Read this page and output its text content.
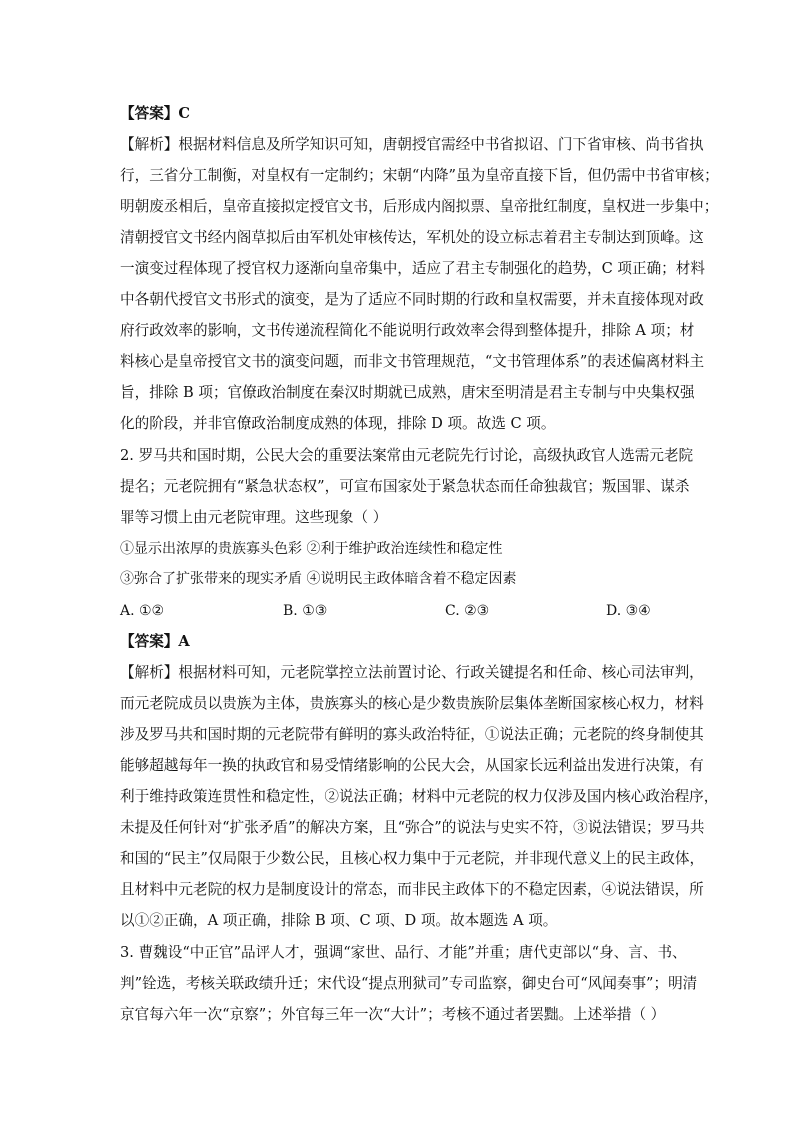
【答案】C
【解析】根据材料信息及所学知识可知，唐朝授官需经中书省拟诏、门下省审核、尚书省执
行，三省分工制衡，对皇权有一定制约；宋朝“内降”虽为皇帝直接下旨，但仍需中书省审核；
明朝废丞相后，皇帝直接拟定授官文书，后形成内阁拟票、皇帝批红制度，皇权进一步集中；
清朝授官文书经内阁草拟后由军机处审核传达，军机处的设立标志着君主专制达到顶峰。这
一演变过程体现了授官权力逐渐向皇帝集中，适应了君主专制强化的趋势，C 项正确；材料
中各朝代授官文书形式的演变，是为了适应不同时期的行政和皇权需要，并未直接体现对政
府行政效率的影响，文书传递流程简化不能说明行政效率会得到整体提升，排除 A 项；材
料核心是皇帝授官文书的演变问题，而非文书管理规范，“文书管理体系”的表述偏离材料主
旨，排除 B 项；官僚政治制度在秦汉时期就已成熟，唐宋至明清是君主专制与中央集权强
化的阶段，并非官僚政治制度成熟的体现，排除 D 项。故选 C 项。
2. 罗马共和国时期，公民大会的重要法案常由元老院先行讨论，高级执政官人选需元老院
提名；元老院拥有“紧急状态权”，可宣布国家处于紧急状态而任命独裁官；叛国罪、谋杀
罪等习惯上由元老院审理。这些现象（ ）
①显示出浓厚的贵族寡头色彩 ②利于维护政治连续性和稳定性
③弥合了扩张带来的现实矛盾 ④说明民主政体暗含着不稳定因素
A. ①②	B. ①③	C. ②③	D. ③④
【答案】A
【解析】根据材料可知，元老院掌控立法前置讨论、行政关键提名和任命、核心司法审判，
而元老院成员以贵族为主体，贵族寡头的核心是少数贵族阶层集体垄断国家核心权力，材料
涉及罗马共和国时期的元老院带有鲜明的寡头政治特征，①说法正确；元老院的终身制使其
能够超越每年一换的执政官和易受情绪影响的公民大会，从国家长远利益出发进行决策，有
利于维持政策连贯性和稳定性，②说法正确；材料中元老院的权力仅涉及国内核心政治程序，
未提及任何针对“扩张矛盾”的解决方案，且“弥合”的说法与史实不符，③说法错误；罗马共
和国的“民主”仅局限于少数公民，且核心权力集中于元老院，并非现代意义上的民主政体，
且材料中元老院的权力是制度设计的常态，而非民主政体下的不稳定因素，④说法错误，所
以①②正确，A 项正确，排除 B 项、C 项、D 项。故本题选 A 项。
3. 曹魏设“中正官”品评人才，强调“家世、品行、才能”并重；唐代吏部以“身、言、书、
判”铨选，考核关联政绩升迁；宋代设“提点刑狱司”专司监察，御史台可“风闻奏事”；明清
京官每六年一次“京察”；外官每三年一次“大计”；考核不通过者罢黜。上述举措（ ）
